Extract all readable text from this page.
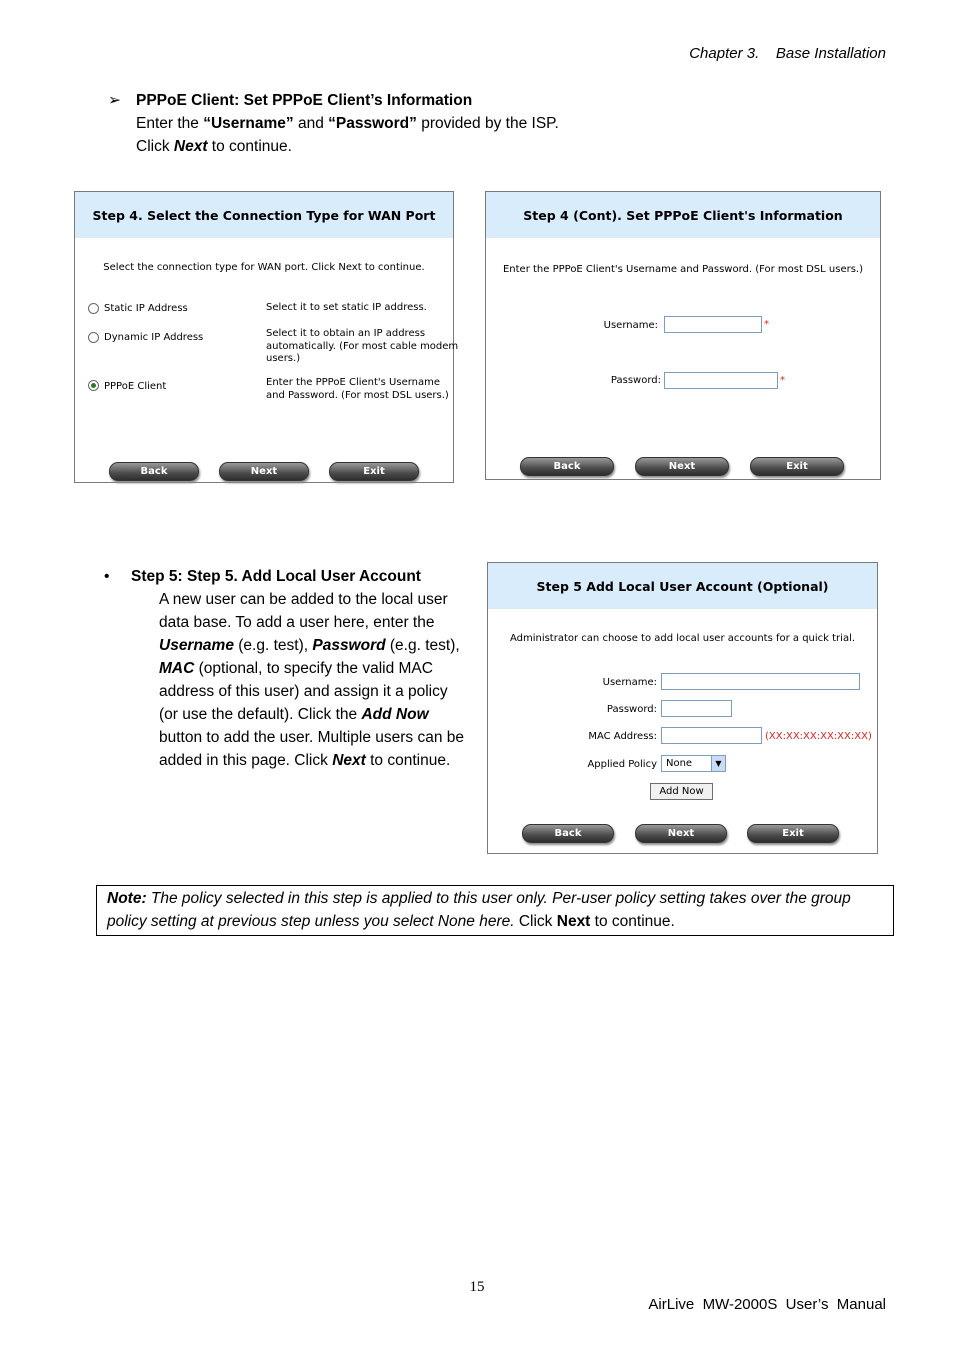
Chapter 3. Base Installation
➢ PPPoE Client: Set PPPoE Client’s Information
Enter the “Username” and “Password” provided by the ISP.
Click Next to continue.
Step 4. Select the Connection Type for WAN Port
Select the connection type for WAN port. Click Next to continue.
Static IP Address	Select it to set static IP address.
Dynamic IP Address	Select it to obtain an IP address
automatically. (For most cable modem
users.)
PPPoE Client	Enter the PPPoE Client's Username
and Password. (For most DSL users.)
Back	Next	Exit
Step 4 (Cont). Set PPPoE Client's Information
Enter the PPPoE Client's Username and Password. (For most DSL users.)
Username:	*
Password:	*
Back	Next	Exit
• Step 5: Step 5. Add Local User Account
A new user can be added to the local user
data base. To add a user here, enter the
Username (e.g. test), Password (e.g. test),
MAC (optional, to specify the valid MAC
address of this user) and assign it a policy
(or use the default). Click the Add Now
button to add the user. Multiple users can be
added in this page. Click Next to continue.
Step 5 Add Local User Account (Optional)
Administrator can choose to add local user accounts for a quick trial.
Username:
Password:
MAC Address:	(XX:XX:XX:XX:XX:XX)
Applied Policy None	▼
Add Now
Back	Next	Exit
Note: The policy selected in this step is applied to this user only. Per-user policy setting takes over the group policy setting at previous step unless you select None here. Click Next to continue.
15
AirLive  MW-2000S  User’s  Manual
